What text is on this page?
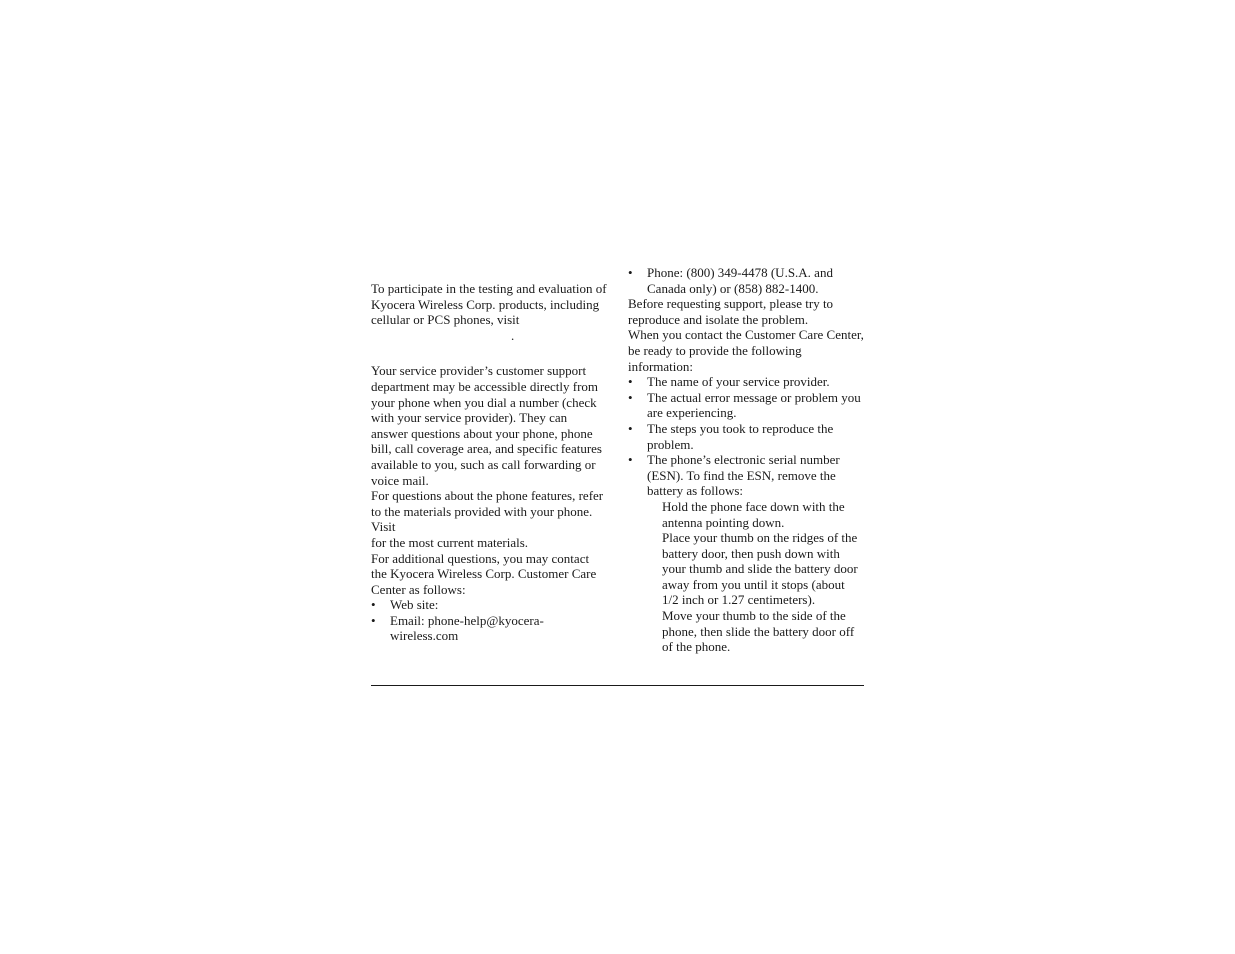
To participate in the testing and evaluation of Kyocera Wireless Corp. products, including cellular or PCS phones, visit .

Your service provider’s customer support department may be accessible directly from your phone when you dial a number (check with your service provider). They can answer questions about your phone, phone bill, call coverage area, and specific features available to you, such as call forwarding or voice mail.

For questions about the phone features, refer to the materials provided with your phone. Visit
for the most current materials.

For additional questions, you may contact the Kyocera Wireless Corp. Customer Care Center as follows:

•	Web site:
•	Email: phone-help@kyocera-wireless.com
•	Phone: (800) 349-4478 (U.S.A. and Canada only) or (858) 882-1400.

Before requesting support, please try to reproduce and isolate the problem.

When you contact the Customer Care Center, be ready to provide the following information:

•	The name of your service provider.
•	The actual error message or problem you are experiencing.
•	The steps you took to reproduce the problem.
•	The phone’s electronic serial number (ESN). To find the ESN, remove the battery as follows:

Hold the phone face down with the antenna pointing down.

Place your thumb on the ridges of the battery door, then push down with your thumb and slide the battery door away from you until it stops (about 1/2 inch or 1.27 centimeters).

Move your thumb to the side of the phone, then slide the battery door off of the phone.
